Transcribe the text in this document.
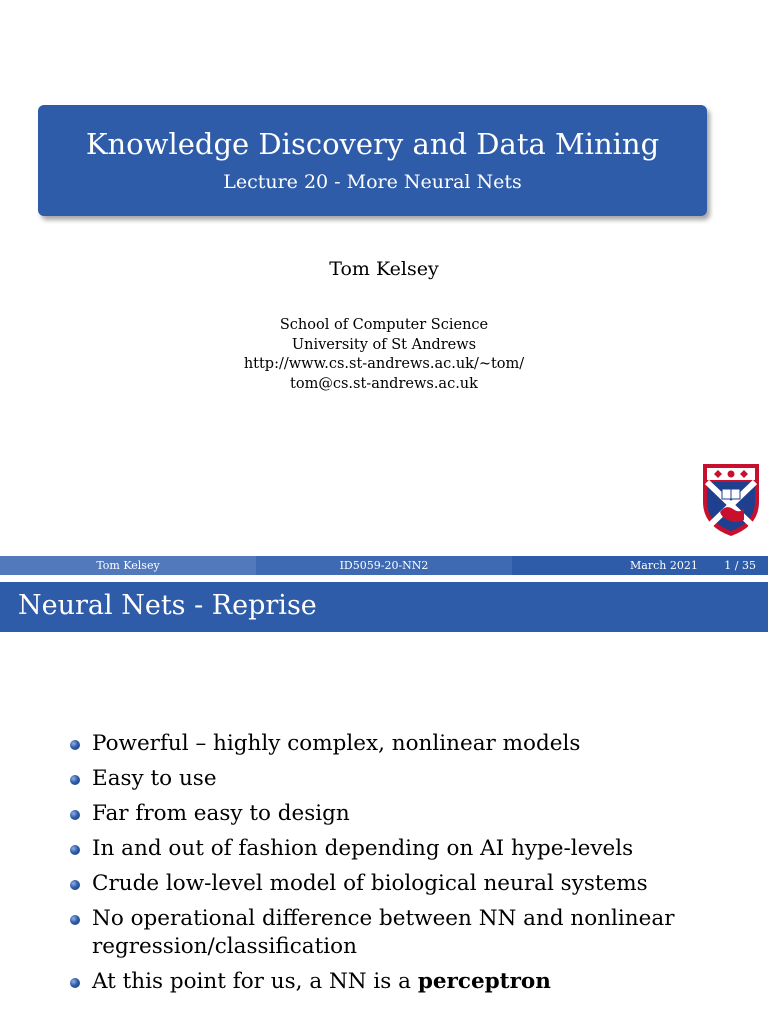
Knowledge Discovery and Data Mining
Lecture 20 - More Neural Nets
Tom Kelsey
School of Computer Science
University of St Andrews
http://www.cs.st-andrews.ac.uk/~tom/
tom@cs.st-andrews.ac.uk
Tom Kelsey	ID5059-20-NN2	March 2021 1 / 35
Neural Nets - Reprise
Powerful – highly complex, nonlinear models
Easy to use
Far from easy to design
In and out of fashion depending on AI hype-levels
Crude low-level model of biological neural systems
No operational difference between NN and nonlinear regression/classification
At this point for us, a NN is a perceptron
